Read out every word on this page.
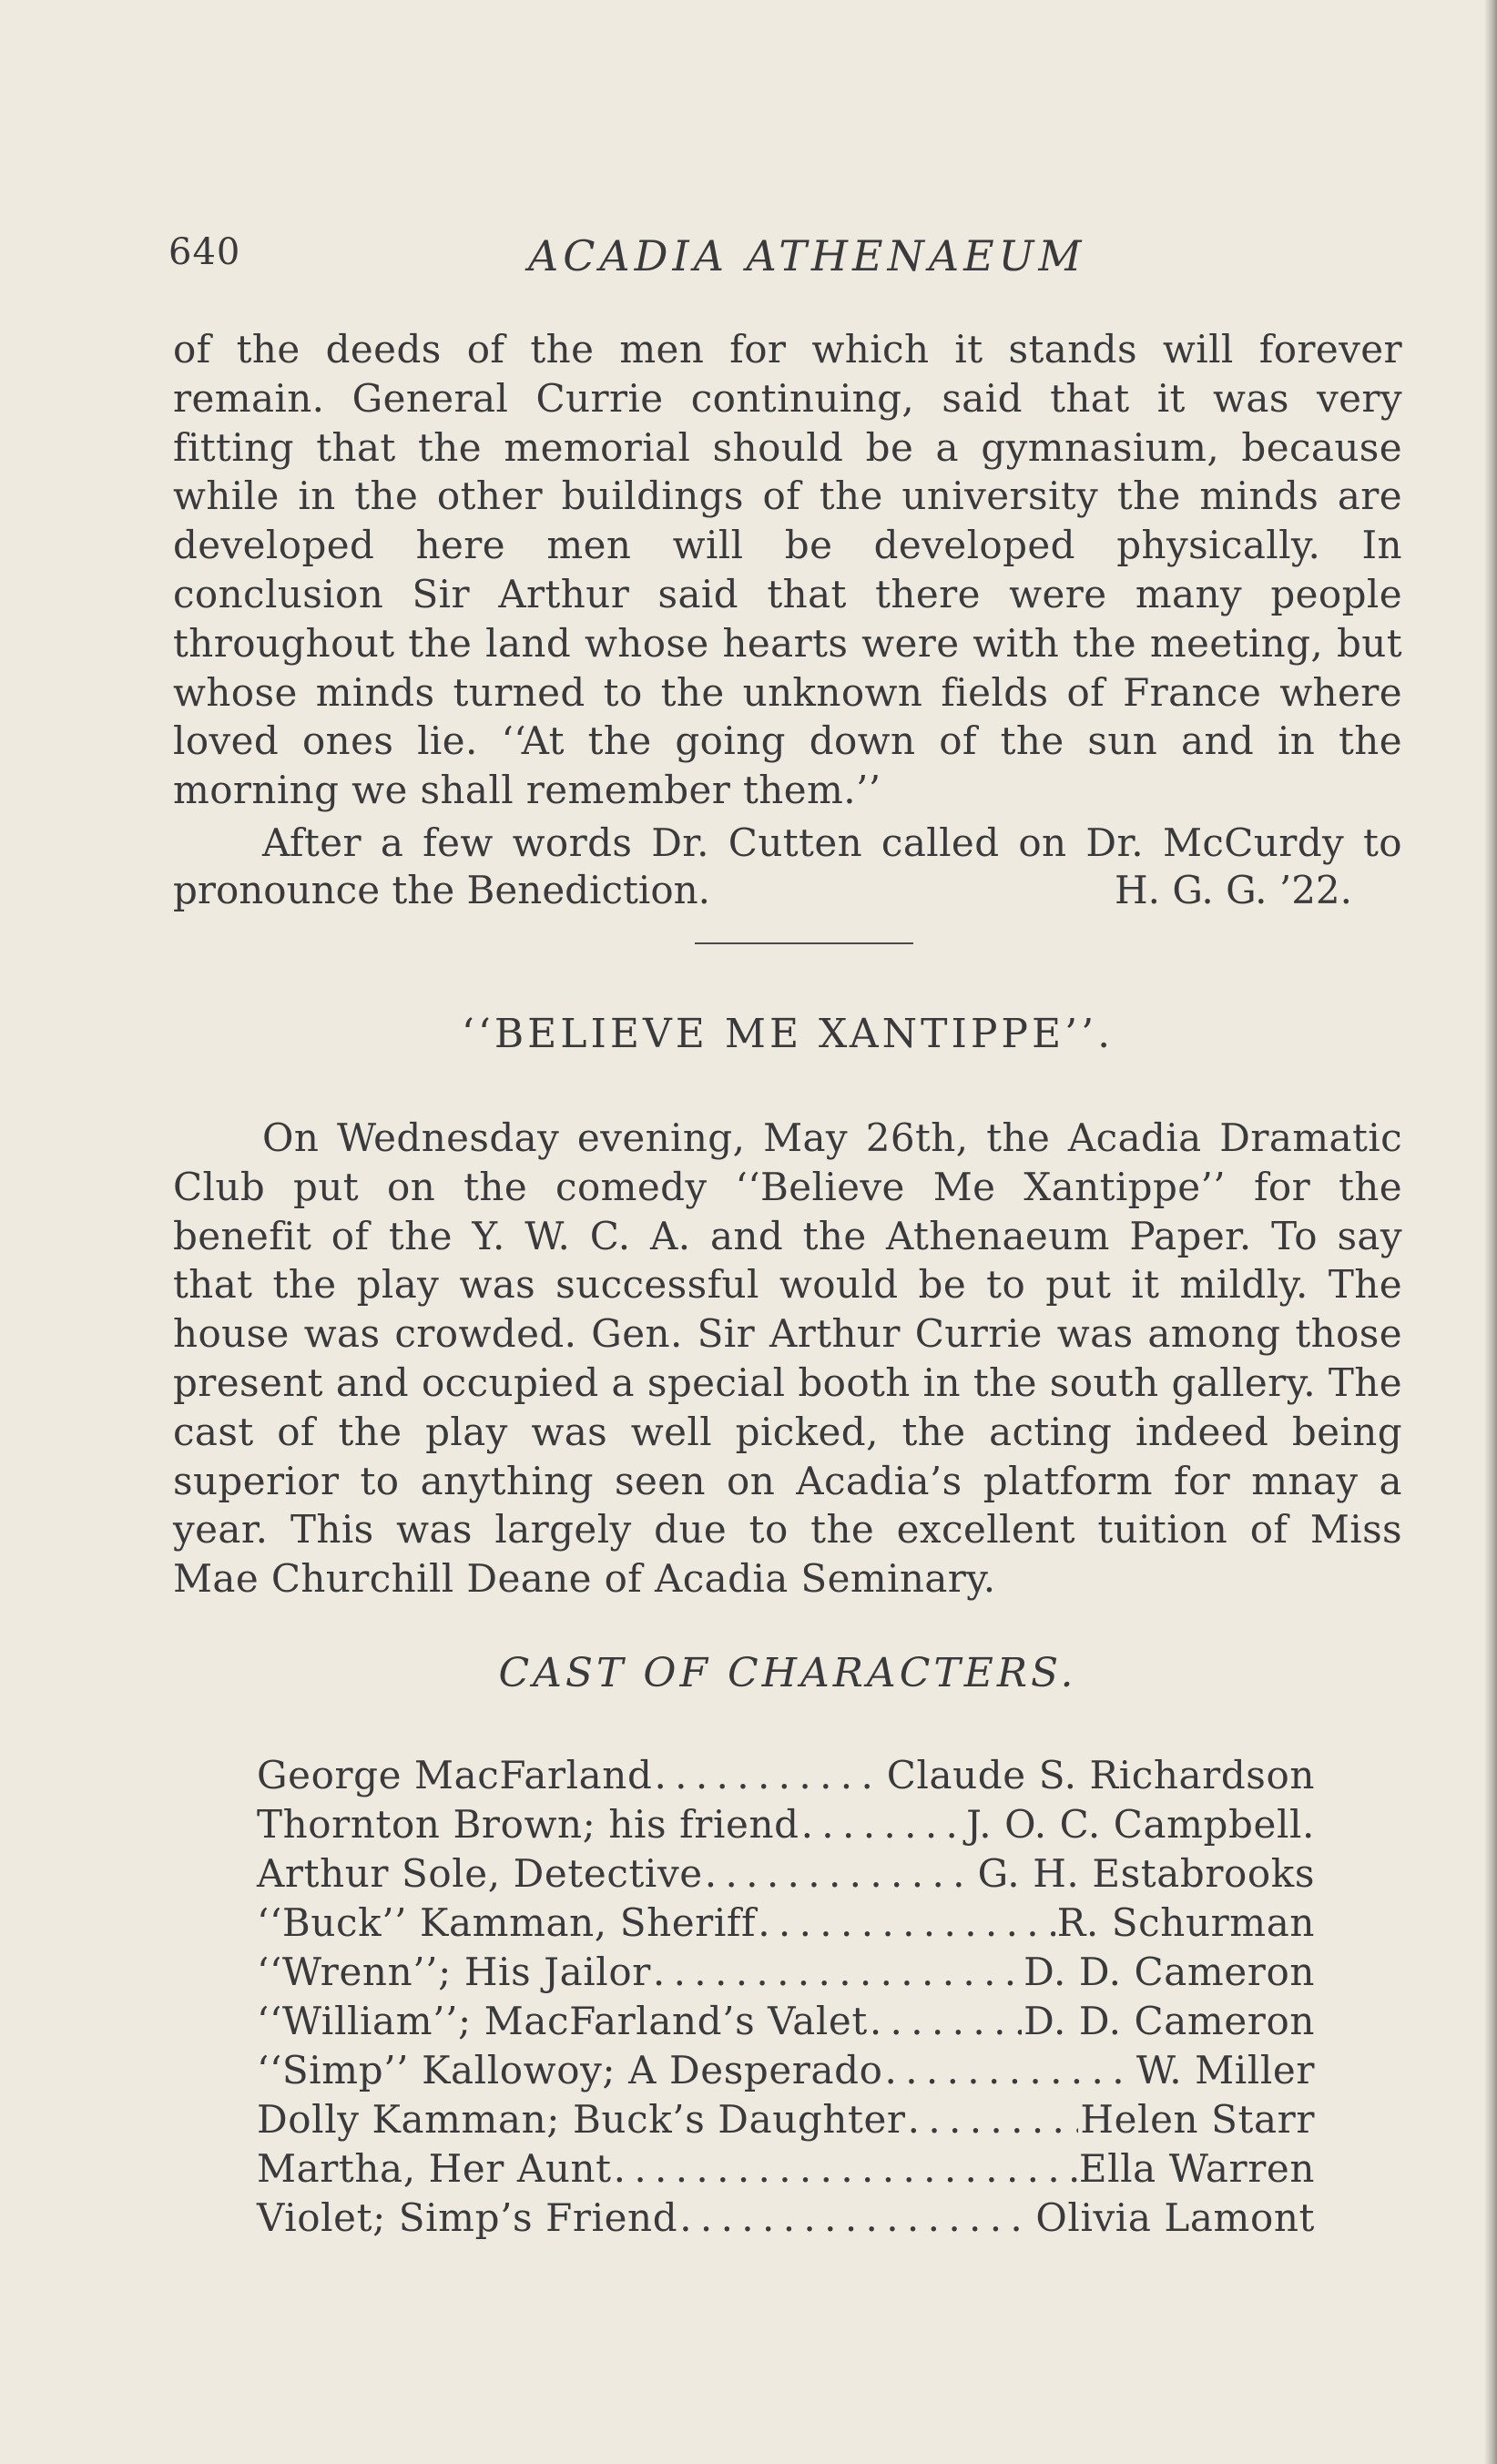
640	ACADIA ATHENAEUM
of the deeds of the men for which it stands will forever remain. General Currie continuing, said that it was very fitting that the memorial should be a gymnasium, because while in the other buildings of the university the minds are developed here men will be developed physically. In conclusion Sir Arthur said that there were many people throughout the land whose hearts were with the meeting, but whose minds turned to the unknown fields of France where loved ones lie. ‘‘At the going down of the sun and in the morning we shall remember them.’’
After a few words Dr. Cutten called on Dr. McCurdy to
pronounce the Benediction.	H. G. G. ’22.
‘‘BELIEVE ME XANTIPPE’’.
On Wednesday evening, May 26th, the Acadia Dramatic Club put on the comedy ‘‘Believe Me Xantippe’’ for the benefit of the Y. W. C. A. and the Athenaeum Paper. To say that the play was successful would be to put it mildly. The house was crowded. Gen. Sir Arthur Currie was among those present and occupied a special booth in the south gallery. The cast of the play was well picked, the acting indeed being superior to anything seen on Acadia’s platform for mnay a year. This was largely due to the excellent tuition of Miss Mae Churchill Deane of Acadia Seminary.
CAST OF CHARACTERS.
George MacFarland . . .	Claude S. Richardson
Thornton Brown; his friend . . .	J. O. C. Campbell.
Arthur Sole, Detective . . .	G. H. Estabrooks
‘‘Buck’’ Kamman, Sheriff . . .	R. Schurman
‘‘Wrenn’’; His Jailor . . .	D. D. Cameron
‘‘William’’; MacFarland’s Valet . . .	D. D. Cameron
‘‘Simp’’ Kallowoy; A Desperado . . .	W. Miller
Dolly Kamman; Buck’s Daughter . . .	Helen Starr
Martha, Her Aunt . . .	Ella Warren
Violet; Simp’s Friend . . .	Olivia Lamont
